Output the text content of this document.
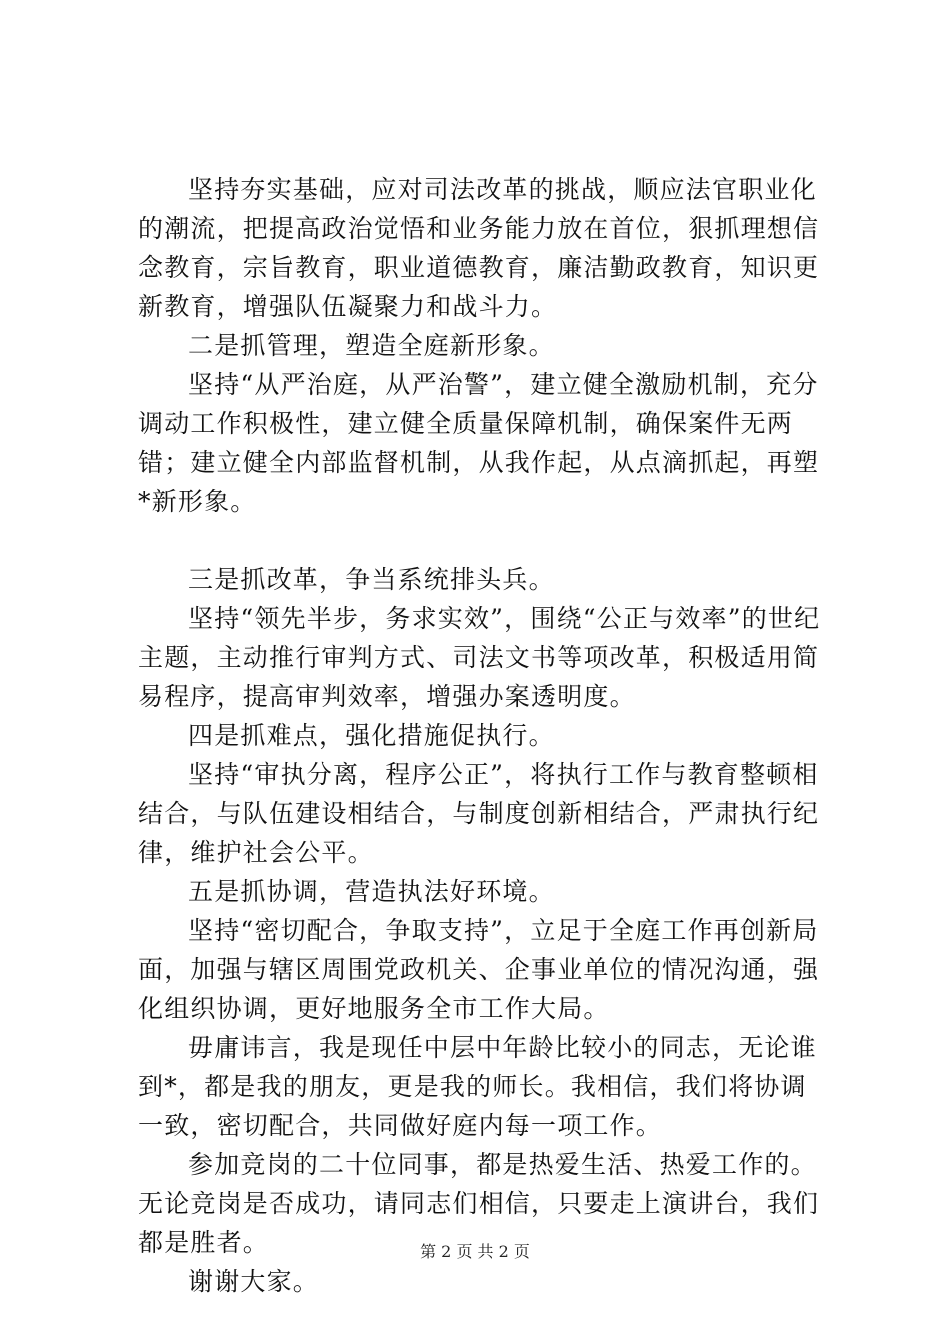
坚持夯实基础，应对司法改革的挑战，顺应法官职业化的潮流，把提高政治觉悟和业务能力放在首位，狠抓理想信念教育，宗旨教育，职业道德教育，廉洁勤政教育，知识更新教育，增强队伍凝聚力和战斗力。

二是抓管理，塑造全庭新形象。

坚持“从严治庭，从严治警”，建立健全激励机制，充分调动工作积极性，建立健全质量保障机制，确保案件无两错；建立健全内部监督机制，从我作起，从点滴抓起，再塑*新形象。

三是抓改革，争当系统排头兵。

坚持“领先半步，务求实效”，围绕“公正与效率”的世纪主题，主动推行审判方式、司法文书等项改革，积极适用简易程序，提高审判效率，增强办案透明度。

四是抓难点，强化措施促执行。

坚持“审执分离，程序公正”，将执行工作与教育整顿相结合，与队伍建设相结合，与制度创新相结合，严肃执行纪律，维护社会公平。

五是抓协调，营造执法好环境。

坚持“密切配合，争取支持”，立足于全庭工作再创新局面，加强与辖区周围党政机关、企事业单位的情况沟通，强化组织协调，更好地服务全市工作大局。

毋庸讳言，我是现任中层中年龄比较小的同志，无论谁到*，都是我的朋友，更是我的师长。我相信，我们将协调一致，密切配合，共同做好庭内每一项工作。

参加竞岗的二十位同事，都是热爱生活、热爱工作的。无论竞岗是否成功，请同志们相信，只要走上演讲台，我们都是胜者。

谢谢大家。

第 2 页 共 2 页
